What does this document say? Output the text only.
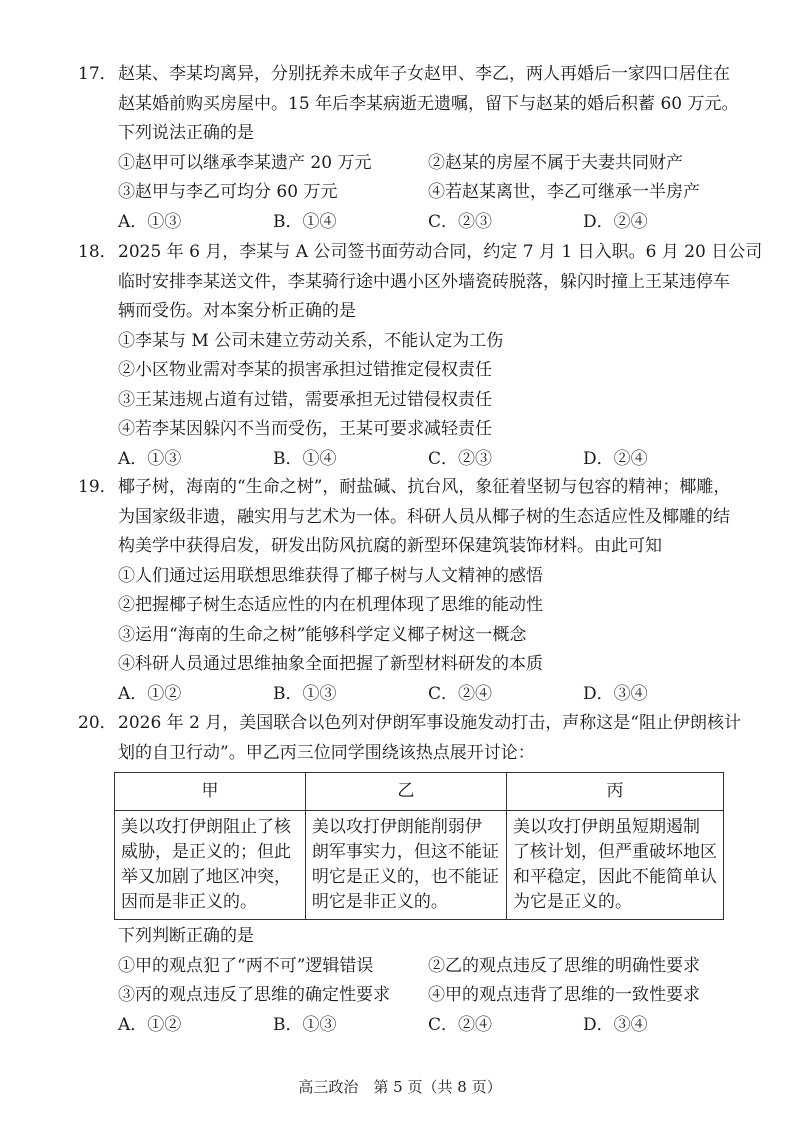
17． 赵某、李某均离异，分别抚养未成年子女赵甲、李乙，两人再婚后一家四口居住在
赵某婚前购买房屋中。15 年后李某病逝无遗嘱，留下与赵某的婚后积蓄 60 万元。
下列说法正确的是
①赵甲可以继承李某遗产 20 万元	②赵某的房屋不属于夫妻共同财产
③赵甲与李乙可均分 60 万元	④若赵某离世，李乙可继承一半房产
A．①③	B．①④	C．②③	D．②④
18． 2025 年 6 月，李某与 A 公司签书面劳动合同，约定 7 月 1 日入职。6 月 20 日公司
临时安排李某送文件，李某骑行途中遇小区外墙瓷砖脱落，躲闪时撞上王某违停车
辆而受伤。对本案分析正确的是
①李某与 M 公司未建立劳动关系，不能认定为工伤
②小区物业需对李某的损害承担过错推定侵权责任
③王某违规占道有过错，需要承担无过错侵权责任
④若李某因躲闪不当而受伤，王某可要求减轻责任
A．①③	B．①④	C．②③	D．②④
19． 椰子树，海南的“生命之树”，耐盐碱、抗台风，象征着坚韧与包容的精神；椰雕，
为国家级非遗，融实用与艺术为一体。科研人员从椰子树的生态适应性及椰雕的结
构美学中获得启发，研发出防风抗腐的新型环保建筑装饰材料。由此可知
①人们通过运用联想思维获得了椰子树与人文精神的感悟
②把握椰子树生态适应性的内在机理体现了思维的能动性
③运用“海南的生命之树”能够科学定义椰子树这一概念
④科研人员通过思维抽象全面把握了新型材料研发的本质
A．①②	B．①③	C．②④	D．③④
20． 2026 年 2 月，美国联合以色列对伊朗军事设施发动打击，声称这是“阻止伊朗核计
划的自卫行动”。甲乙丙三位同学围绕该热点展开讨论：
甲	乙	丙

美以攻打伊朗阻止了核
威胁，是正义的；但此
举又加剧了地区冲突，
因而是非正义的。	美以攻打伊朗能削弱伊
朗军事实力，但这不能证
明它是正义的，也不能证
明它是非正义的。	美以攻打伊朗虽短期遏制
了核计划，但严重破坏地区
和平稳定，因此不能简单认
为它是正义的。
下列判断正确的是
①甲的观点犯了“两不可”逻辑错误	②乙的观点违反了思维的明确性要求
③丙的观点违反了思维的确定性要求	④甲的观点违背了思维的一致性要求
A．①②	B．①③	C．②④	D．③④
高三政治　第 5 页（共 8 页）
